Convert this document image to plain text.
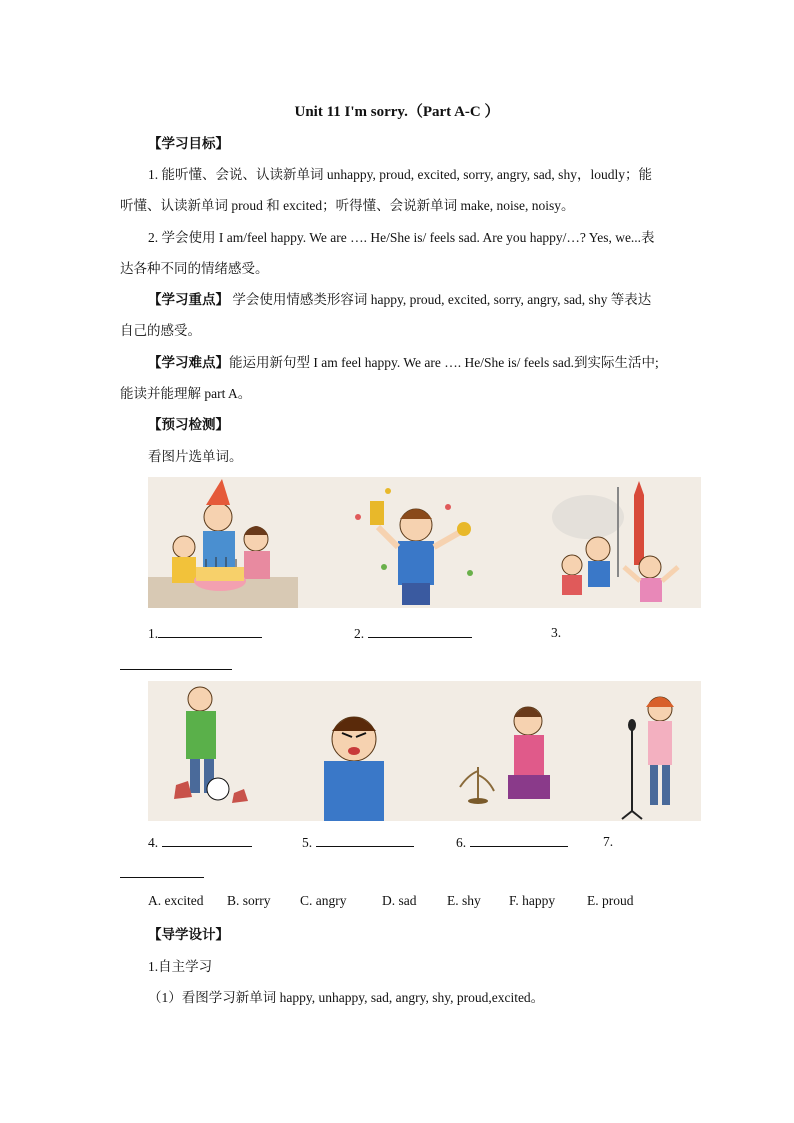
Unit 11 I'm sorry.（Part A-C ）
【学习目标】
1. 能听懂、会说、认读新单词 unhappy, proud, excited, sorry, angry, sad, shy，loudly；能
听懂、认读新单词 proud 和 excited；听得懂、会说新单词 make, noise, noisy。
2. 学会使用 I am/feel happy. We are …. He/She is/ feels sad. Are you happy/…? Yes, we...表
达各种不同的情绪感受。
【学习重点】 学会使用情感类形容词 happy, proud, excited, sorry, angry, sad, shy 等表达
自己的感受。
【学习难点】能运用新句型 I am feel happy. We are …. He/She is/ feels sad.到实际生活中;
能读并能理解 part A。
【预习检测】
看图片选单词。
1.	2.	3.
4.	5.	6.	7.
A. excited B. sorry C. angry	D. sad E. shy F. happy E. proud
【导学设计】
1.自主学习
（1）看图学习新单词 happy, unhappy, sad, angry, shy, proud,excited。
